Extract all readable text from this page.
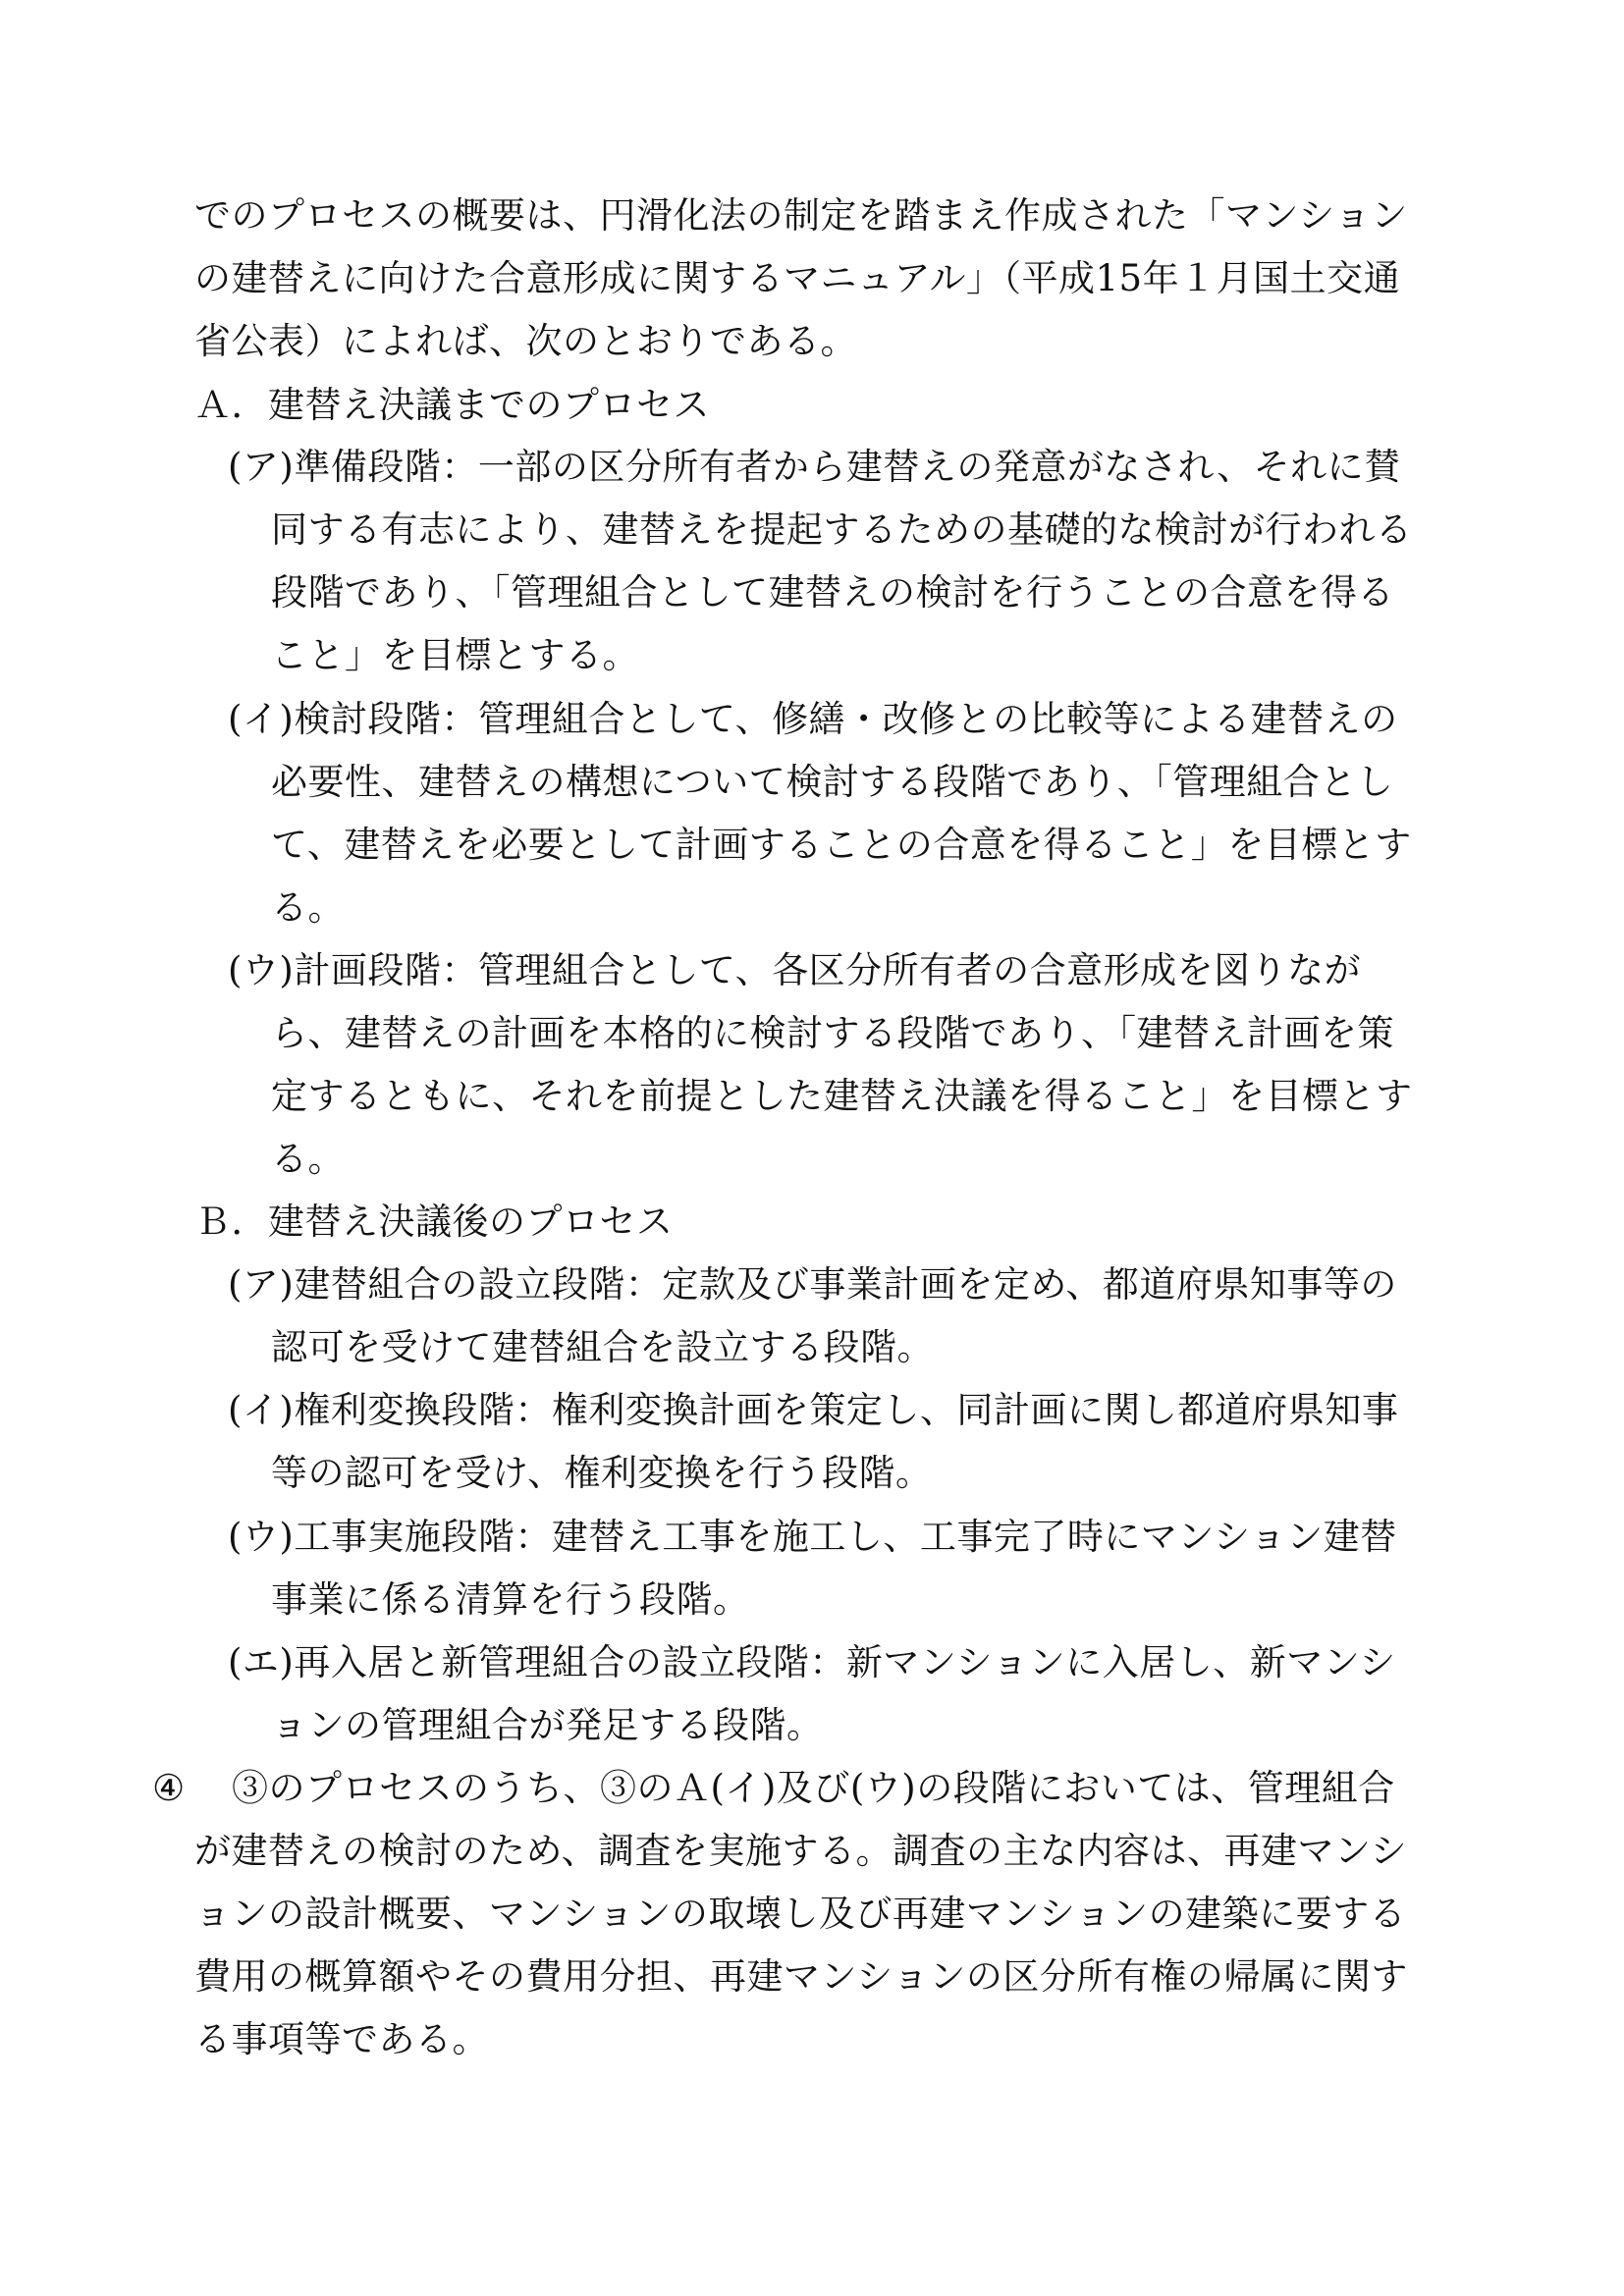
でのプロセスの概要は、円滑化法の制定を踏まえ作成された「マンション
の建替えに向けた合意形成に関するマニュアル」（平成15年１月国土交通
省公表）によれば、次のとおりである。
Ａ．建替え決議までのプロセス
(ア)準備段階：一部の区分所有者から建替えの発意がなされ、それに賛
同する有志により、建替えを提起するための基礎的な検討が行われる
段階であり、「管理組合として建替えの検討を行うことの合意を得る
こと」を目標とする。
(イ)検討段階：管理組合として、修繕・改修との比較等による建替えの
必要性、建替えの構想について検討する段階であり、「管理組合とし
て、建替えを必要として計画することの合意を得ること」を目標とす
る。
(ウ)計画段階：管理組合として、各区分所有者の合意形成を図りなが
ら、建替えの計画を本格的に検討する段階であり、「建替え計画を策
定するともに、それを前提とした建替え決議を得ること」を目標とす
る。
Ｂ．建替え決議後のプロセス
(ア)建替組合の設立段階：定款及び事業計画を定め、都道府県知事等の
認可を受けて建替組合を設立する段階。
(イ)権利変換段階：権利変換計画を策定し、同計画に関し都道府県知事
等の認可を受け、権利変換を行う段階。
(ウ)工事実施段階：建替え工事を施工し、工事完了時にマンション建替
事業に係る清算を行う段階。
(エ)再入居と新管理組合の設立段階：新マンションに入居し、新マンシ
ョンの管理組合が発足する段階。
④ ③のプロセスのうち、③のＡ(イ)及び(ウ)の段階においては、管理組合
が建替えの検討のため、調査を実施する。調査の主な内容は、再建マンシ
ョンの設計概要、マンションの取壊し及び再建マンションの建築に要する
費用の概算額やその費用分担、再建マンションの区分所有権の帰属に関す
る事項等である。
